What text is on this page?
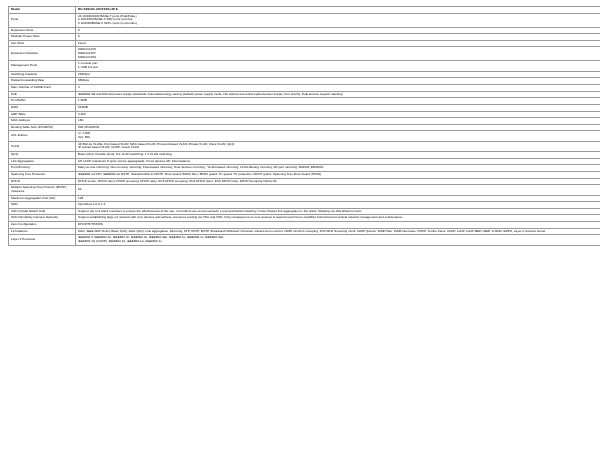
Model	RG-S2910C-24GT2XS-HP-E

Ports	24 10/100/1000 BASE-T ports (PoE/PoE+)
2 100/1000 BASE-X SFP ports (combo)
2 10/1000BASE-X SFP+ ports (noncombo)

Expansion Slots	0

Modular Power Slots	0

Fan Slots	Fixed

Expansion Modules	M2910-01XS
M2910-01XT
M2910-04XS

Management Ports	1 console port
1 USB 2.0 port

Switching Capacity	2640bps

Packet Forwarding Rate	96Mpps

Max. Number of 1000E Ports	4

PoE	IEEE802.3af and 802.3at power supply standards; Automatic/energy-saving (default) power supply mode; Hot startup and uninterrupted power supply; Port priority; PoE devices support stacking

Port Buffer	1.5MB

RAM	512MB

ARP Table	3,200

MAC Address	16K

Routing Table Size (IPv4/IPv6)	500 (IPv4/IPv6)

ACL Entries	In: 1,500
Out: 500

VLAN	4K 802.1q VLANs; Port-based VLAN; MAC-based VLAN; Protocol-based VLAN; Private VLAN; Voice VLAN; QinQ
IP subnet-based VLAN; GVRP; Guest VLAN

QinQ	Basic QinQ, Flexible QinQ, N:1 VLAN switching, 1:1 VLAN switching

Link Aggregation	AP LACP (maximum 8 ports can be aggregated); Cross devices AP; Flow balance

Port Mirroring	Many-to-one mirroring; One-to-many mirroring; Flow-based mirroring; Over devices mirroring ; VLAN-based mirroring; VLAN-filtering mirroring; AP-port mirroring; RSPAN; ERSPAN

Spanning Tree Protocols	IEEE802.1d STP; IEEE802.1w RSTP; Standard 802.1s MSTP; Root Guard; BPDU filter; BPDU guard; TC guard; TC protection; ROOT guard; Spanning Tree Root Guard (STRG)

DHCP	DHCP server; DHCP client; DHCP snooping; DHCP relay; IPv6 DHCP snooping; IPv6 DHCP client; IPv6 DHCP relay; DHCP Snooping Option 82

Multiple Spanning Tree Protocol (MSTP) Instances	64

Maximum Aggregation Port (AP)	128

SDN	OpenFlow 1.0 & 1.3

VSU (Virtual Switch Unit)	Support (up to 9 stack members to ensure the effectiveness of the use, 4 members are recommended); Local and distant stacking; Cross-chassis link aggregation in the stack; Stacking via 10G Ethernet ports

SCN (Simplicity Campus Network)	Support establishing large L2 network with core devices and achieve resources pooling via VSU and VSD. Only management on core devices is required and hence simplifies horizontal and vertical network management and maintenance.

Zero Configuration	DHCP/TFTP/DNS

L2 Features	MAC, IEEE ARP VLAN, Basic QinQ, Relic QinQ, Link aggregation, Mirroring, STP, RSTP, MSTP, Broadcast/ Multicast/ Unknown unicast storm control, IGMP v1/v2/v3 snooping, IPv6 MLD Snooping v1/v2, IGMP Querier, IGMP filter, IGMP fast leave, DHCP, Jumbo frame, RLDP, LLDP, LLDP-MED, RElP, G.8032, ERPS, Layer 2 protocol tunnel

Layer 2 Protocols	IEEE802.3, IEEE802.3u, IEEE802.3z, IEEE802.3x, IEEE802.3ab, IEEE802.1p, IEEE802.1v, IEEE802.3ad,
IEEE802.1Q (GVRP), IEEE802.1d, IEEE802.1w, IEEE802.1s
